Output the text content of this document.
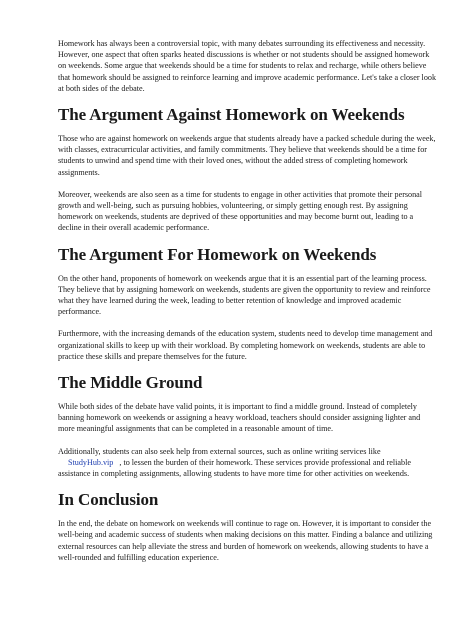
Homework has always been a controversial topic, with many debates surrounding its effectiveness and necessity. However, one aspect that often sparks heated discussions is whether or not students should be assigned homework on weekends. Some argue that weekends should be a time for students to relax and recharge, while others believe that homework should be assigned to reinforce learning and improve academic performance. Let's take a closer look at both sides of the debate.

The Argument Against Homework on Weekends

Those who are against homework on weekends argue that students already have a packed schedule during the week, with classes, extracurricular activities, and family commitments. They believe that weekends should be a time for students to unwind and spend time with their loved ones, without the added stress of completing homework assignments.

Moreover, weekends are also seen as a time for students to engage in other activities that promote their personal growth and well-being, such as pursuing hobbies, volunteering, or simply getting enough rest. By assigning homework on weekends, students are deprived of these opportunities and may become burnt out, leading to a decline in their overall academic performance.

The Argument For Homework on Weekends

On the other hand, proponents of homework on weekends argue that it is an essential part of the learning process. They believe that by assigning homework on weekends, students are given the opportunity to review and reinforce what they have learned during the week, leading to better retention of knowledge and improved academic performance.

Furthermore, with the increasing demands of the education system, students need to develop time management and organizational skills to keep up with their workload. By completing homework on weekends, students are able to practice these skills and prepare themselves for the future.

The Middle Ground

While both sides of the debate have valid points, it is important to find a middle ground. Instead of completely banning homework on weekends or assigning a heavy workload, teachers should consider assigning lighter and more meaningful assignments that can be completed in a reasonable amount of time.

Additionally, students can also seek help from external sources, such as online writing services like
StudyHub.vip , to lessen the burden of their homework. These services provide professional and reliable assistance in completing assignments, allowing students to have more time for other activities on weekends.

In Conclusion

In the end, the debate on homework on weekends will continue to rage on. However, it is important to consider the well-being and academic success of students when making decisions on this matter. Finding a balance and utilizing external resources can help alleviate the stress and burden of homework on weekends, allowing students to have a well-rounded and fulfilling education experience.
